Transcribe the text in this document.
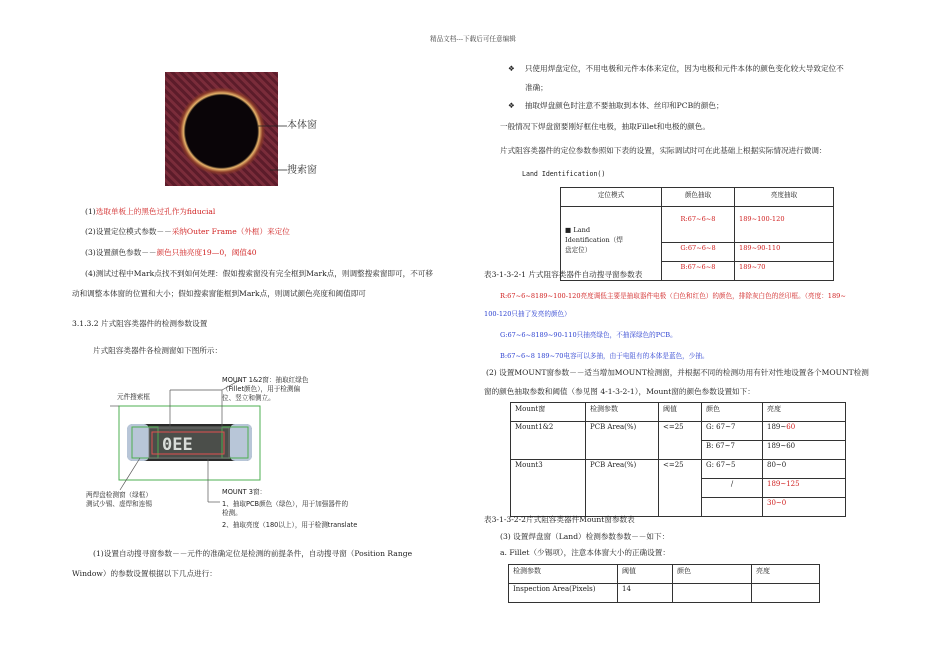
精品文档---下载后可任意编辑
本体窗
搜索窗
(1)选取单板上的黑色过孔作为fiducial
(2)设置定位模式参数－－采纳Outer Frame（外框）来定位
(3)设置颜色参数－－颜色只抽亮度19—0，阈值40
(4)测试过程中Mark点找不到如何处理：假如搜索窗没有完全框到Mark点，则调整搜索窗即可，不可移
动和调整本体窗的位置和大小；假如搜索窗能框到Mark点，则调试颜色亮度和阈值即可
3.1.3.2 片式阻容类器件的检测参数设置
片式阻容类器件各检测窗如下图所示：
0EE
元件搜索框
MOUNT 1&2窗：抽取红绿色
（Fillet颜色），用于检测偏
位、竖立和侧立。
两焊盘检测窗（绿框）
测试少锡、虚焊和连锡
MOUNT 3窗：
1、抽取PCB颜色（绿色），用于加强器件的
检测。
2、抽取亮度（180以上），用于检测translate
(1)设置自动搜寻窗参数－－元件的准确定位是检测的前提条件，自动搜寻窗（Position Range
Window）的参数设置根据以下几点进行：
❖ 只使用焊盘定位，不用电极和元件本体来定位，因为电极和元件本体的颜色变化较大导致定位不
准确；
❖ 抽取焊盘颜色时注意不要抽取到本体、丝印和PCB的颜色；
一般情况下焊盘窗要刚好框住电极，抽取Fillet和电极的颜色。
片式阻容类器件的定位参数参照如下表的设置，实际调试时可在此基础上根据实际情况进行微调：
Land Identification()
定位模式	颜色抽取	亮度抽取

■ Land
Identification（焊
盘定位）	R:67~6~8	189~100-120
	G:67~6~8	189~90-110
	B:67~6~8	189~70
表3-1-3-2-1 片式阻容类器件自动搜寻窗参数表
R:67~6~8189~100-120亮度调低主要是抽取器件电极（白色和红色）的颜色，排除灰白色的丝印框。（亮度：189~
100-120只抽了发亮的颜色）
G:67~6~8189~90-110只抽亮绿色，不抽深绿色的PCB。
B:67~6~8 189~70电容可以多抽，由于电阻有的本体是蓝色，少抽。
(2) 设置MOUNT窗参数－－适当增加MOUNT检测窗，并根据不同的检测功用有针对性地设置各个MOUNT检测
窗的颜色抽取参数和阈值（参见图 4-1-3-2-1），Mount窗的颜色参数设置如下：
Mount窗	检测参数	阈值	颜色	亮度
Mount1&2	PCB Area(%)	<=25	G: 67~7	189~60
			B: 67~7	189~60
Mount3	PCB Area(%)	<=25	G: 67~5	80~0
			/	189~125
				30~0
表3-1-3-2-2片式阻容类器件Mount窗参数表
(3) 设置焊盘窗（Land）检测参数参数－－如下：
a. Fillet（少锡项），注意本体窗大小的正确设置：
检测参数	阈值	颜色	亮度
Inspection Area(Pixels)	14		
